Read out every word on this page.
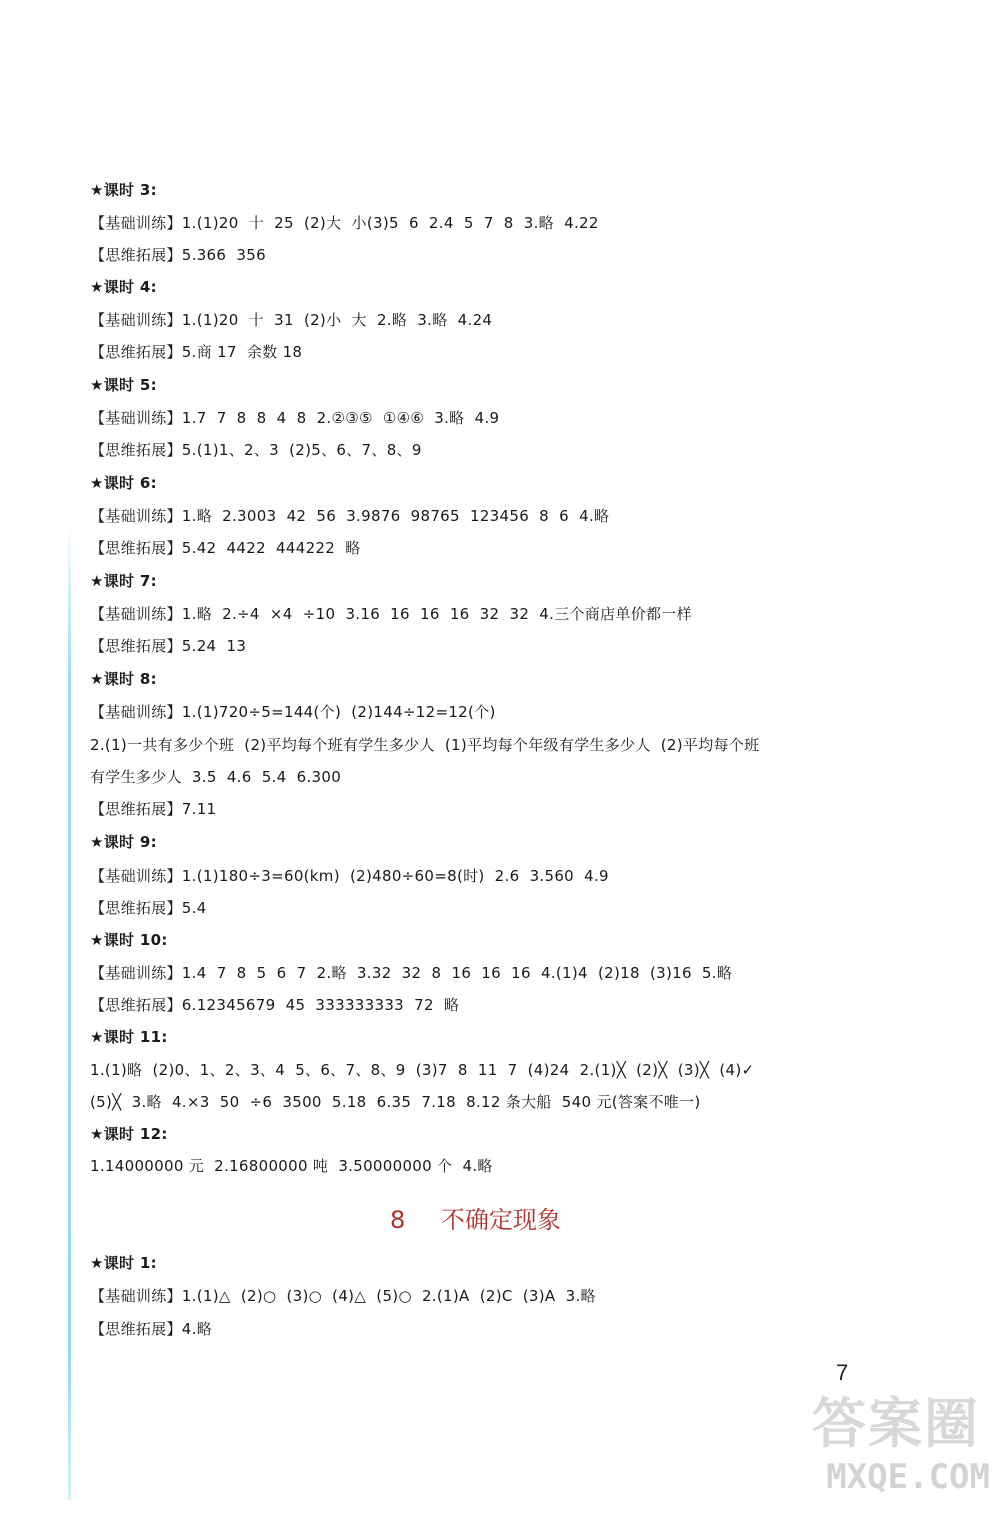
★课时 3:
【基础训练】1.(1)20  十  25  (2)大  小(3)5  6  2.4  5  7  8  3.略  4.22
【思维拓展】5.366  356
★课时 4:
【基础训练】1.(1)20  十  31  (2)小  大  2.略  3.略  4.24
【思维拓展】5.商 17  余数 18
★课时 5:
【基础训练】1.7  7  8  8  4  8  2.②③⑤  ①④⑥  3.略  4.9
【思维拓展】5.(1)1、2、3  (2)5、6、7、8、9
★课时 6:
【基础训练】1.略  2.3003  42  56  3.9876  98765  123456  8  6  4.略
【思维拓展】5.42  4422  444222  略
★课时 7:
【基础训练】1.略  2.÷4  ×4  ÷10  3.16  16  16  16  32  32  4.三个商店单价都一样
【思维拓展】5.24  13
★课时 8:
【基础训练】1.(1)720÷5=144(个)  (2)144÷12=12(个)
2.(1)一共有多少个班  (2)平均每个班有学生多少人  (1)平均每个年级有学生多少人  (2)平均每个班
有学生多少人  3.5  4.6  5.4  6.300
【思维拓展】7.11
★课时 9:
【基础训练】1.(1)180÷3=60(km)  (2)480÷60=8(时)  2.6  3.560  4.9
【思维拓展】5.4
★课时 10:
【基础训练】1.4  7  8  5  6  7  2.略  3.32  32  8  16  16  16  4.(1)4  (2)18  (3)16  5.略
【思维拓展】6.12345679  45  333333333  72  略
★课时 11:
1.(1)略  (2)0、1、2、3、4  5、6、7、8、9  (3)7  8  11  7  (4)24  2.(1)╳  (2)╳  (3)╳  (4)✓
(5)╳  3.略  4.×3  50  ÷6  3500  5.18  6.35  7.18  8.12 条大船  540 元(答案不唯一)
★课时 12:
1.14000000 元  2.16800000 吨  3.50000000 个  4.略
8 不确定现象
★课时 1:
【基础训练】1.(1)△  (2)○  (3)○  (4)△  (5)○  2.(1)A  (2)C  (3)A  3.略
【思维拓展】4.略
7
答案圈
MXQE.COM
